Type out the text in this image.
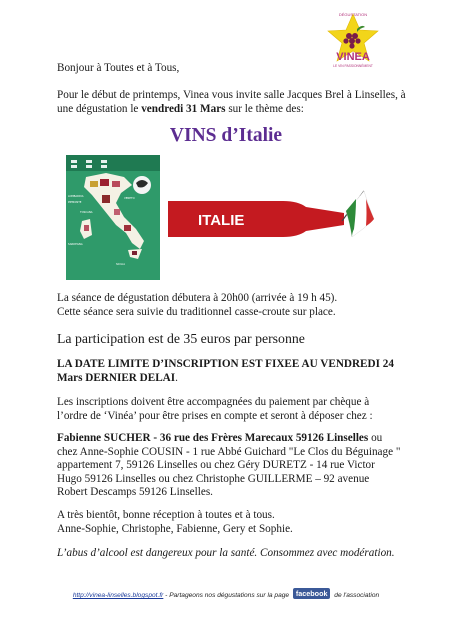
DÉGUSTATION
VINEA
LE VIN PASSIONNÉMENT

Bonjour à Toutes et à Tous,

Pour le début de printemps, Vinea vous invite salle Jacques Brel à Linselles, à une dégustation le vendredi 31 Mars sur le thème des:

VINS d’Italie
LOMBARDIA
PIEMONTE
VENETO
TOSCANA
SARDEGNA
SICILIA
ITALIE

La séance de dégustation débutera à 20h00 (arrivée à 19 h 45).

Cette séance sera suivie du traditionnel casse-croute sur place.

La participation est de 35 euros par personne

LA DATE LIMITE D’INSCRIPTION EST FIXEE AU VENDREDI 24 Mars DERNIER DELAI.

Les inscriptions doivent être accompagnées du paiement par chèque à l’ordre de ‘Vinéa’ pour être prises en compte et seront à déposer chez :

Fabienne SUCHER - 36 rue des Frères Marecaux 59126 Linselles ou chez Anne-Sophie COUSIN - 1 rue Abbé Guichard "Le Clos du Béguinage " appartement 7, 59126 Linselles ou chez Géry DURETZ - 14 rue Victor Hugo 59126 Linselles ou chez Christophe GUILLERME – 92 avenue Robert Descamps 59126 Linselles.

A très bientôt, bonne réception à toutes et à tous.

Anne-Sophie, Christophe, Fabienne, Gery et Sophie.

L’abus d’alcool est dangereux pour la santé. Consommez avec modération.

http://vinea-linselles.blogspot.fr - Partageons nos dégustations sur la page facebook de l'association
